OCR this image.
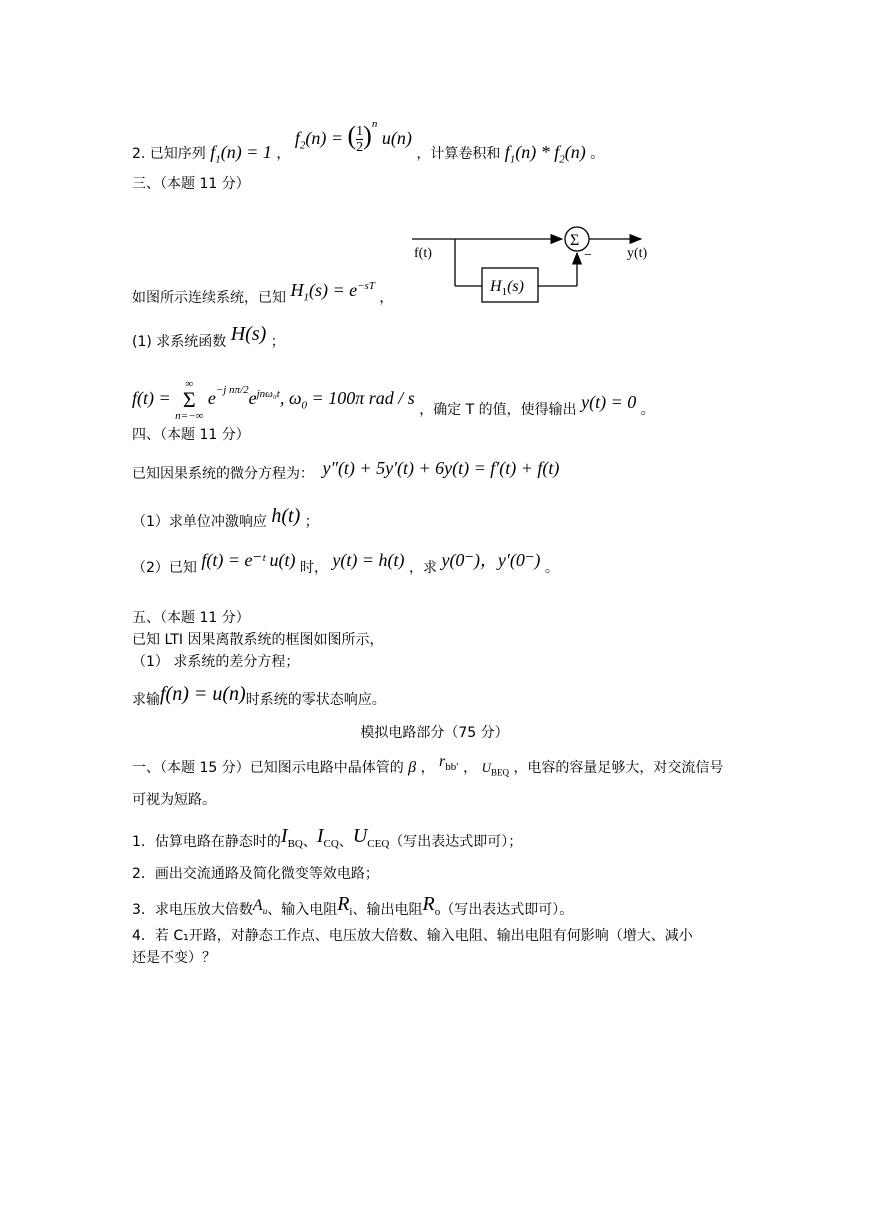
2. 已知序列 $f_1(n) = 1$ ， $f_2(n)$ = ( $\frac{1}{2} )^n$ u(n) ，计算卷积和 $f_1(n) * f_2(n)$ 。
三、（本题 11 分）
f(t)	y(t)
Σ
−
$H_1(s)$
如图所示连续系统，已知 $H_1(s) = e^{-sT}$ ，
(1) 求系统函数 H(s) ；
f(t) =
∞
Σ
n=−∞
$e^{-j n\pi/2}e^{jn\omega_0t}$, $\omega_0 = 100\pi$ rad / s ，确定 T 的值，使得输出 y(t) = 0 。
四、（本题 11 分）
已知因果系统的微分方程为： y″(t) + 5y′(t) + 6y(t) = f′(t) + f(t)
（1）求单位冲激响应 h(t) ；
（2）已知 f(t) = e⁻ᵗ u(t) 时， y(t) = h(t) ，求 y(0⁻)，y′(0⁻) 。
五、（本题 11 分）
已知 LTI 因果离散系统的框图如图所示，
（1） 求系统的差分方程；
求输f(n) = u(n)时系统的零状态响应。
模拟电路部分（75 分）
一、（本题 15 分）已知图示电路中晶体管的 β ， $r_{bb'}$ ， $U_{BEQ}$ ，电容的容量足够大，对交流信号
可视为短路。
1．估算电路在静态时的$I_{BQ}$、$I_{CQ}$、$U_{CEQ}$（写出表达式即可）；
2．画出交流通路及简化微变等效电路；
3．求电压放大倍数$A_u$、输入电阻$R_i$、输出电阻$R_o$（写出表达式即可）。
4．若 C₁开路，对静态工作点、电压放大倍数、输入电阻、输出电阻有何影响（增大、减小
还是不变）？
